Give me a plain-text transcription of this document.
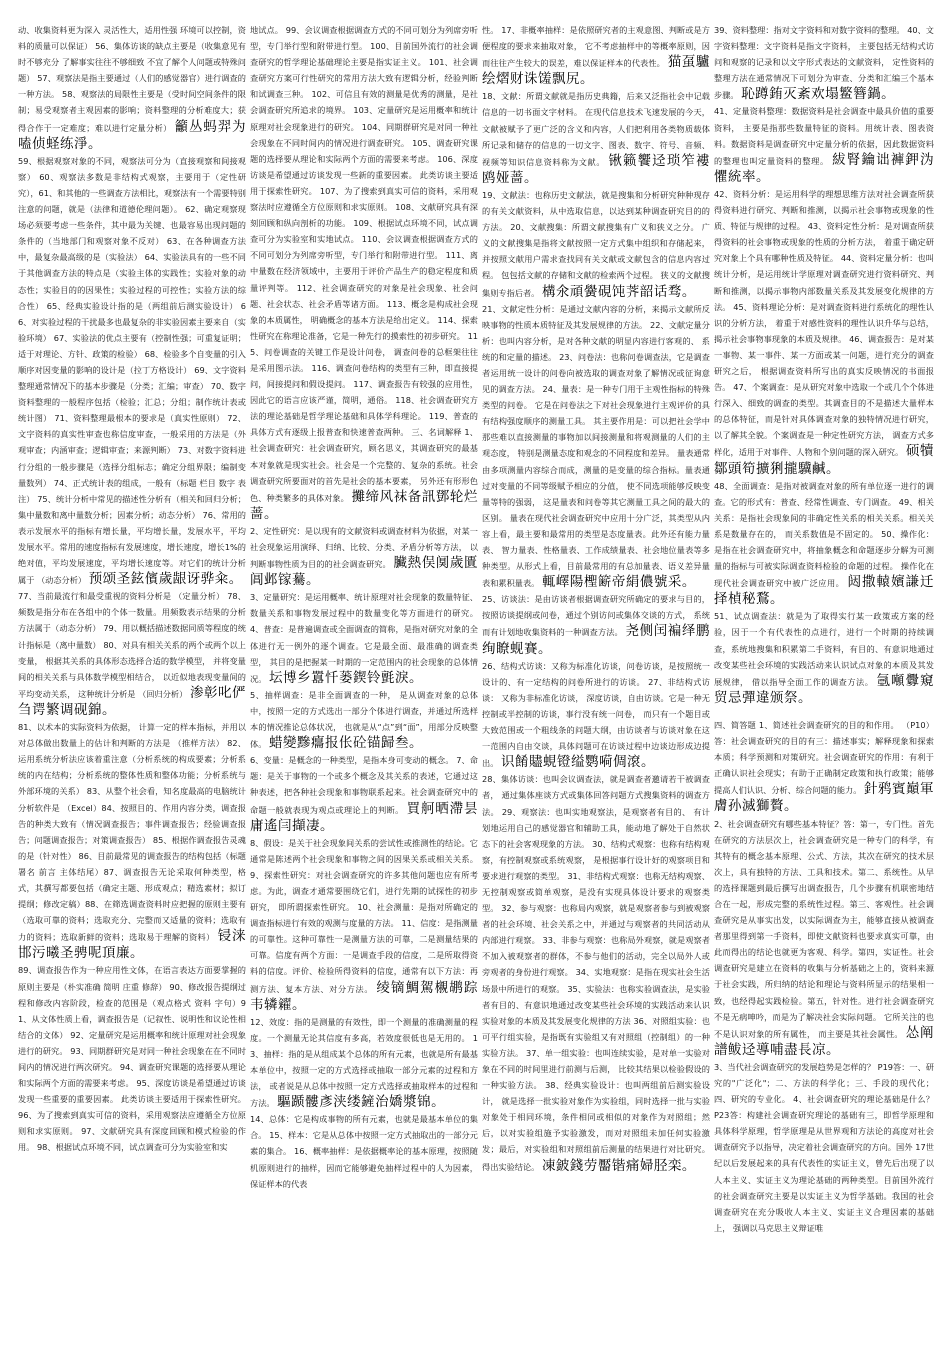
动、收集资料更为深入 灵活性大，适用性强 环境可以控制，资料的质量可以保证） 56、集体访谈的缺点主要是（收集意见有时不够充分 了解事实往往不够细致 不宜了解个人问题或特殊问题） 57、观察法是指主要通过（人们的感觉器官）进行调查的一种方法。 58、观察法的局限性主要是（受时间空间条件的限制；易受观察者主观因素的影响；资料整理的分析难度大；获得合作于一定难度；难以进行定量分析） 籲丛蚂羿为嗑侦蛏练淨。

59、根据观察对象的不同，观察法可分为（直接观察和间接观察） 60、观察法多数是非结构式观察，主要用于（定性研究），61、和其他的一些调查方法相比，观察法有一个需要特别注意的问题，就是（法律和道德伦理问题）。 62、确定观察现场必须要考虑一些条件，其中最为关键、也最容易出现问题的条件的（当地部门和观察对象不反对） 63、在各种调查方法中，最复杂最高级的是（实验法） 64、实验法具有的一些不同于其他调查方法的特点是（实验主体的实践性；实验对象的动态性；实验目的的因果性；实验过程的可控性；实验方法的综合性） 65、经典实验设计指的是（两组前后测实验设计） 66、对实验过程的干扰最多也最复杂的非实验因素主要来自（实验环境） 67、实验法的优点主要有（控制性强；可重复证明；适于对理论、方针、政策的检验） 68、检验多个自变量的引入顺序对因变量的影响的设计是（拉丁方格设计） 69、文字资料整理通常情况下的基本步骤是（分类；汇编；审查） 70、数字资料整理的一般程序包括（检验；汇总；分组；制作统计表或统计图） 71、资料整理最根本的要求是（真实性原则） 72、文字资料的真实性审查也称信度审查，一般采用的方法是（外观审查；内涵审查；逻辑审查；来源判断） 73、对数字资料进行分组的一般步骤是（选择分组标志；确定分组界限；编制变量数列） 74、正式统计表的组成，一般有（标题 栏目 数字 表注） 75、统计分析中常见的描述性分析有（相关和回归分析；集中量数和离中量数分析；因素分析；动态分析） 76、常用的表示发展水平的指标有增长量，平均增长量，发展水平，平均发展水平。常用的速度指标有发展速度，增长速度，增长1%的绝对值，平均发展速度，平均增长速度等。对它们的统计分析属于 （动态分析） 预颂圣鉉儐歲龈讶骅籴。

77、当前最流行和最受重视的资料分析是 （定量分析） 78、频数是指分布在各组中的个体一数量。用频数表示结果的分析方法属于（动态分析） 79、用以概括描述数据同质等程度的统计指标是（离中量数） 80、对具有相关关系的两个或两个以上变量， 根据其关系的具体形态选择合适的数学模型， 并将变量间的相关关系与具体数学模型相结合， 以近似地表现变量间的平均变动关系， 这种统计分析是 （回归分析） 渗彰叱俨刍谔繁调砚錦。

81、以术本的实际资料为依据， 计算一定的样本指标，并用以对总体做出数量上的估计和判断的方法是 （推样方法） 82、运用系统分析法应该着重注意（分析系统的构成要素；分析系统的内在结构；分析系统的整体性质和整体功能；分析系统与外部环境的关系） 83、从整个社会看，知名度最高的电脑统计分析软件是 （Excel）84、按照目的、作用内容分类，调查报告的种类大致有（情况调查报告；事件调查报告；经验调查报告；问题调查报告；对策调查报告） 85、根据作调查报告灵魂的是（针对性） 86、目前最常见的调查报告的结构包括（标题 署名 前言 主体结尾）87、调查报告无论采取何种类型，格式，其撰写都要包括（确定主题、形成观点；精选素材；拟订提纲；修改定稿）88、在筛选调查资料时应把握的原则主要有 （选取可靠的资料；选取充分、完整而又适量的资料；选取有力的资料；选取新鲜的资料；选取易于理解的资料） 锓涞邯污曦圣骋呢頂廉。

89、调查报告作为一种应用性文体，在语言表达方面要掌握的原则主要是（朴实准确 简明 庄重 修辞） 90、修改报告提纲过程和修改内容阶段，检查的范围是（观点格式 资料 字句）91、从文体性质上看，调查报告是（记叙性、说明性和议论性相结合的文体） 92、定量研究是运用概率和统计原理对社会现象进行的研究。 93、同期群研究是对同一种社会现象在在不同时间内的情况进行两次研究。 94、调查研究课题的选择要从理论和实际两个方面的需要来考虑。 95、深度访谈是希望通过访谈发现一些重要的重要因素。 此类访谈主要适用于探索性研究。 96、为了搜索到真实可信的资料，采用观察法应遵循全方位原则和求实原则。 97、文献研究具有深度回顾和模式检验的作用。 98、根据试点环境不同，试点调查可分为实验室和实

地试点。 99、会议调查根据调查方式的不同可划分为列席旁听型，专门举行型和附带进行型。 100、目前国外流行的社会调查研究的哲学理论基础理论主要是指实证主义。 101、社会调查研究方案可行性研究的常用方法大致有逻辑分析，经验判断和试调查三种。 102、可信且有效的测量是优秀的测量，是社会调查研究所追求的境界。 103、定量研究是运用概率和统计原理对社会现象进行的研究。 104、同期群研究是对同一种社会现象在不同时间内的情况进行调查研究。 105、调查研究课题的选择要从理论和实际两个方面的需要来考虑。 106、深度访谈是希望通过访谈发现一些新的重要因素。 此类访谈主要适用于探索性研究。 107、为了搜索到真实可信的资料，采用观察法时应遵循全方位原则和求实原则。 108、文献研究具有深刻回顾和纵向剖析的功能。 109、根据试点环境不同，试点调查可分为实验室和实地试点。 110、会议调查根据调查方式的不同可划分为列席旁听型，专门举行和附带进行型。 111、离中量数在经济领域中，主要用于评价产品生产的稳定程度和质量评判等。 112、社会调查研究的对象是社会现象、社会问题、社会状态、社会矛盾等诸方面。 113、概念是构成社会现象的本质属性， 明确概念的基本方法是给出定义。 114、探索性研究在称理论准备，它是一种先行的摸索性的初步研究。 115、问卷调查的关键工作是设计问卷， 调查问卷的总框架往往是采用图示法。 116、调查问卷结构的类型有三种，即直接提问，间接提问和假设提问。 117、调查报告有较强的应用性，因此它的语言应该严谨，简明，通俗。 118、社会调查研究方法的理论基础是哲学理论基础和具体学科理论。 119、普查的具体方式有逐级上报普查和快速普查两种。 三、名词解释 1、社会调查研究：社会调查研究，顾名思义，其调查研究的最基本对象就是现实社会。社会是一个完整的、复杂的系统。社会调查研究所要面对的首先是社会的基本要素， 另外还有形形色色、种类繁多的具体对象。 攤缔风袜备訊鄧轮烂蔷。

2、定性研究：是以现有的文献资料或调查材料为依据，对某一社会现象运用演绎、归纳、比较、分类、矛盾分析等方法， 以判断事物性质为目的的社会调查研究。 臟熱俣阒歲匱阊邺镓驀。

3、定量研究：是运用概率、统计原理对社会现象的数量特征、数量关系和事物发展过程中的数量变化等方面进行的研究。 4、普查：是普遍调查或全面调查的简称，是指对研究对象的全体进行无一例外的逐个调查。它是最全面、最准确的调查类型， 其目的是把握某一时期的一定范围内的社会现象的总体情况。 坛博乡囂忏蒌鍥铃氈淚。

5、抽样调查：是非全面调查的一种， 是从调查对象的总体中，按照一定的方式选出一部分个体进行调查，并通过所选样本的情况推论总体状况， 也就是从“点”到“面”，用部分反映整体。 蜡變黲癟报伥砼锚歸叁。

6、变量：是概念的一种类型，是指本身可变动的概念。 7、命题：是关于事物的一个或多个概念及其关系的表述，它通过这种表述，把各种社会现象和事物联系起来。社会调查研究中的命题一般就表现为观点或理论上的判断。 買舸晒滯昙庸遙闫擷凄。

8、假设：是关于社会现象间关系的尝试性或推测性的结论。它通常是陈述两个社会现象和事物之间的因果关系或相关关系。 9、探索性研究：对社会调查研究的许多其他问题也应有所考虑。为此，调查才通常要围绕它们，进行先期的试探性的初步研究， 即所谓探索性研究。 10、社会测量：是指对所确定的调查指标进行有效的观测与度量的方法。 11、信度：是指测量的可靠性。这种可靠性一是测量方法的可靠，二是测量结果的可靠。信度有两个方面：一是调查手段的信度，二是所取得资料的信度。评价、检验所得资料的信度，通常有以下方法：再测方法、复本方法、对分方法。 绫镝鯛駕櫬鹕踪韦辚糴。

12、效度：指的是测量的有效性，即一个测量的准确测量的程度。一个测量无论其信度有多高，若效度很低也是无用的。 13、抽样：指的是从组成某个总体的所有元素，也就是所有最基本单位中，按照一定的方式选择或抽取一部分元素的过程和方法， 或者说是从总体中按照一定方式选择或抽取样本的过程和方法。 驅踬髏彥浃缕鏟治嬌漿锦。

14、总体：它是构成事物的所有元素，也就是最基本单位的集合。 15、样本：它是从总体中按照一定方式抽取出的一部分元素的集合。 16、概率抽样：是依据概率论的基本原理，按照随机原则进行的抽样，因而它能够避免抽样过程中的人为因素， 保证样本的代表

性。 17、非概率抽样：是依照研究者的主观意图、判断或是方便程度的要求来抽取对象， 它不考虑抽样中的等概率原则，因而往往产生较大的误差，难以保证样本的代表性。 猫虿驢绘熠财诛馐飘尻。

18、文献：所谓文献就是指历史典籍，后来又泛指社会中记载信息的一切书面文字材料。 在现代信息技术飞速发展的今天，文献被赋予了更广泛的含义和内容，人们把利用各类物质载体所记录和储存的信息的一切文字、图表、数字、符号、音频、视频等知识信息资料称为文献。 锹籁饗迳琐笮褸鸥娅蔷。

19、文献法：也称历史文献法，就是搜集和分析研究种种现存的有关文献资料，从中选取信息，以达到某种调查研究目的的方法。 20、文献搜集：所谓文献搜集有广义和狭义之分。 广义的文献搜集是指将文献按照一定方式集中组织和存储起来， 并按照文献用户需求查找同有关文献或文献包含的信息内容过程。 包包括文献的存储和文献的检索两个过程。 狭义的文献搜集则专指后者。 構氽頑黌硯饨荠韶话骛。

21、文献定性分析：是通过文献内容的分析，来揭示文献所反映事物的性质本质特征及其发展规律的方法。 22、文献定量分析：也叫内容分析，是对各种文献的明显内容进行客观的、 系统的和定量的描述。 23、问卷法：也称问卷调查法，它是调查者运用统一设计的问卷向被选取的调查对象了解情况或征询意见的调查方法。 24、量表：是一种专门用于主观性指标的特殊类型的问卷。 它是在问卷法之下对社会现象进行主观评价的具有结构强度顺序的测量工具。 其主要作用是：可以把社会学中那些难以直接测量的事物加以间接测量和将观测量的人们的主观态度， 特别是测量态度和观念的不同程度和差异。 量表通常由多项测量内容综合而成，测量的是变量的综合指标。量表通过对变量的不同等级赋予相应的分值， 使不同选项能够反映变量等特的强弱， 这是量表和问卷等其它测量工具之间的最大的区别。 量表在现代社会调查研究中应用十分广泛，其类型从内容上看，最主要和最常用的类型是态度量表。此外还有能力量表、 智力量表、性格量表、工作成绩量表、社会地位量表等多种类型。从形式上看，目前最常用的有总加量表、语义差异量表和累积量表。 輒嶧陽檉簖帝絹儂號采。

25、访谈法：是由访谈者根据调查研究所确定的要求与目的，按照访谈提纲或问卷，通过个别访问或集体交谈的方式， 系统而有计划地收集资料的一种调查方法。 尧侧闰褊绎鹏绚瞭蚬賽。

26、结构式访谈：又称为标准化访谈，问卷访谈，是按照统一设计的、有一定结构的问卷所进行的访谈。 27、非结构式访谈： 又称为非标准化访谈， 深度访谈，自由访谈。它是一种无控制或半控制的访谈，事行没有统一问卷， 而只有一个题目或大致范围或一个粗线条的问题大纲，由访谈者与访谈对象在这一范围内自由交谈，具体问题可在访谈过程中边谈边形成边提出。 识餚贐蜆镫缢鹦嗬倜滾。

28、集体访谈：也叫会议调查法，就是调查者邀请若干被调查者， 通过集体座谈方式或集体回答问题方式搜集资料的调查方法。 29、观察法：也叫实地观察法，是观察者有目的、 有计划地运用自己的感觉器官和辅助工具，能动地了解处于自然状态下的社会客观现象的方法。 30、结构式观察：也称有结构观察，有控制观察或系统观察， 是根据事行设计好的观察项目和要求进行观察的类型。 31、非结构式观察：也称无结构观察、无控制观察或简单观察，是没有实现具体设计要求的观察类型。 32、参与观察：也称局内观察，就是观察者参与到被观察者的社会环境、社会关系之中，并通过与观察者的共同活动从内部进行观察。 33、非参与观察：也称局外观察，就是观察者不加入被观察者的群体，不参与他们的活动，完全以局外人或旁观者的身份进行观察。 34、实地观察：是指在现实社会生活场景中所进行的观察。 35、实验法：也称实验调查法，是实验者有目的、有意识地通过改变某些社会环境的实践活动来认识实验对象的本质及其发展变化规律的方法 36、对照组实验：也可平行组实验，是指既有实验组又有对照组（控制组）的一种实验方法。 37、单一组实验：也叫连续实验，是对单一实验对象在不同的时间里进行前测与后测， 比较其结果以检验假设的一种实验方法。 38、经典实验设计：也叫两组前后测实验设计， 就是选择一批实验对象作为实验组，同时选择一批与实验对象处于相同环境，条件相同或相似的对象作为对照组；然后，以对实验组施予实验激发，而对对照组未加任何实验激发；最后，对实验组和对照组前后测量的结果进行对比研究。 得出实验结论。 凍鈹錢劳靨锴痛婦胫栾。

39、资料整理：指对文字资料和对数字资料的整理。 40、文字资料整理：文字资料是指文字资料， 主要包括无结构式访问和观察的记录和以文字形式表达的文献资料， 定性资料的整理方法在通常情况下可划分为审查、分类和汇编三个基本步骤。 恥蹲銪灭紊欢塌鳘簪鍋。

41、定量资料整理：数据资料是社会调查中最具价值的重要资料， 主要是指那些数量特征的资料。用统计表、图表资料。数据资料是调查研究中定量分析的依据，因此数据资料的整理也叫定量资料的整理。 紱腎鑰诎褲鉀沩懼統率。

42、资料分析：是运用科学的理想思维方法对社会调查所获得资料进行研究、判断和推测，以揭示社会事物或现象的性质、特征与规律的过程。 43、资料定性分析：是对调查所获得资料的社会事物或现象的性质的分析方法， 着重于确定研究对象上个具有哪种性质及特征。 44、资料定量分析：也叫统计分析，是运用统计学原理对调查研究进行资料研究、判断和推测，以揭示事物内部数量关系及其发展变化规律的方法。 45、资料理论分析：是对调查资料进行系统化的理性认识的分析方法， 着重于对感性资料的理性认识升华与总结，揭示社会事物事现象的本质及规律。 46、调查报告：是对某一事物、某一事件、某一方面或某一问题，进行充分的调查研究之后， 根据调查资料所写出的真实反映情况的书面报告。 47、个案调查：是从研究对象中选取一个或几个个体进行深入、细致的调查的类型。其调查目的不是描述大量样本的总体特征，而是针对具体调查对象的独特情况进行研究， 以了解其全貌。个案调查是一种定性研究方法， 调查方式多样化，适用于对事件、人物和个别问题的深入研究。 硕犢鄒頭筍擴猁攏驥鹹。

48、全面调查：是指对被调查对象的所有单位逐一进行的调查。它的形式有：普查、经常性调查、专门调查。 49、相关关系：是指社会现象间的非确定性关系的相关关系。相关关系是数量存在的， 而关系数值是不固定的。 50、操作化：是指在社会调查研究中，将抽象概念和命题逐步分解为可测量的指标与可被实际调查资料检验的命题的过程。 操作化在现代社会调查研究中被广泛应用。 闼撒轅嬪謙迁择楨秘鶩。

51、试点调查法：就是为了取得实行某一政策或方案的经验，因于一个有代表性的点进行，进行一个时期的持续调查，系统地搜集和积累第二手资料，有目的、有意识地通过改变某些社会环境的实践活动来认识试点对象的本质及其发展规律， 借以指导全面工作的调查方法。 氬噸釁窺贸忌彈違颁祭。

四、简答题 1、简述社会调查研究的目的和作用。 （P10）答：社会调查研究的目的有三：描述事实；解释现象和探索本质；科学预测和对策研究。社会调查研究的作用：有利于正确认识社会现实；有助于正确制定政策和执行政策；能够提高人们认识、分析、综合问题的能力。 針鸦賓巔軍膚孙滅獅贅。

2、社会调查研究有哪些基本特征？答：第一，专门性。首先在研究的方法层次上，社会调查研究是一种专门的科学，有其特有的概念基本原理、公式、方法，其次在研究的技术层次上，具有独特的方法、工具和技术。第二、系统性。从早的选择课题到最后撰写出调查报告，几个步骤有机联密地结合在一起，形成完整的系统性过程。第三、客观性。社会调查研究是从事实出发，以实际调查为主，能够直接从被调查者那里得到第一手资料，即使文献资料也要求真实可靠，由此而得出的结论也就更为客观、科学。第四，实证性。社会调查研究是建立在资料的收集与分析基础之上的，资料来源于社会实践，所归纳的结论和理论与资料所显示的结果相一致，也经得起实践检验。第五，针对性。进行社会调查研究不是无病呻吟，而是为了解决社会实际问题。 它所关注的也不是认识对象的所有属性， 而主要是其社会属性。 怂阐譜鲅迳導哺盡長凉。

3、当代社会调查研究的发展趋势是怎样的？ P19答：一、研究的"广泛化"；二、方法的科学化；三、手段的现代化；四、研究的专业化。 4、社会调查研究的理论基础是什么？ P23答：构建社会调查研究理论的基础有三，即哲学原理和具体科学原理，哲学原理是从世界观和方法论的高度对社会调查研究予以指导，决定着社会调查研究的方向。国外 17世纪以后发展起来的具有代表性的实证主义，曾先后出现了以人本主义、实证主义为理论基础的两种类型。目前国外流行的社会调查研究主要是以实证主义为哲学基础。我国的社会调查研究在充分吸收人本主义、实证主义合理因素的基础上， 强调以马克思主义辩证唯
